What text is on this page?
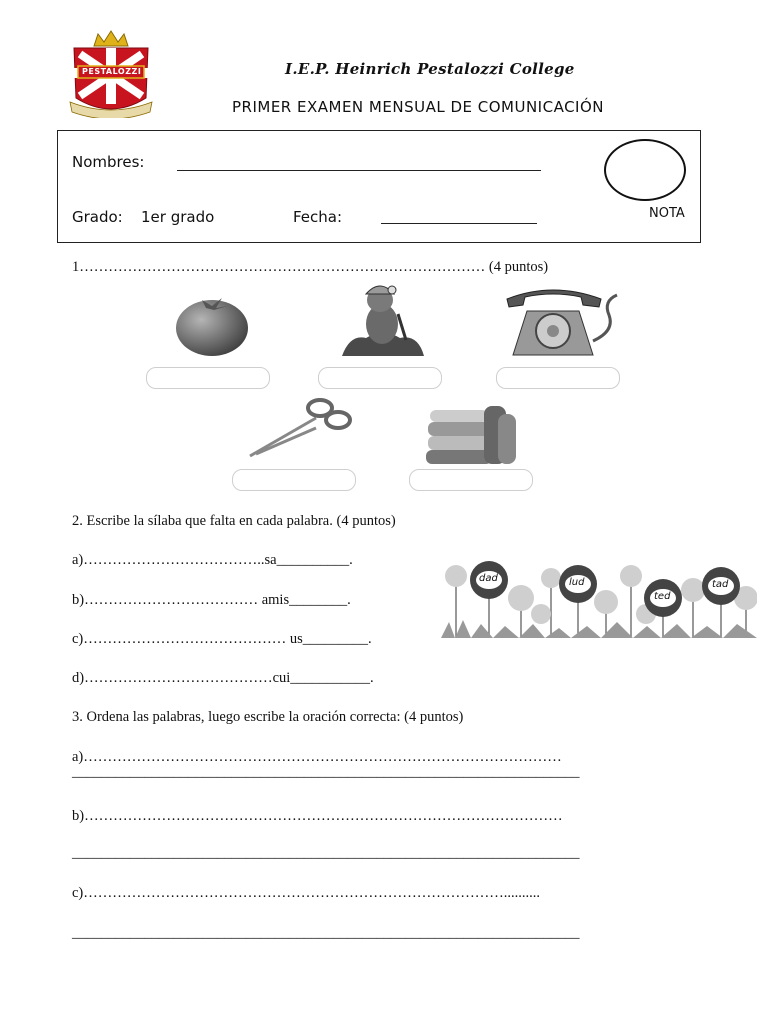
PESTALOZZI	I.E.P. Heinrich Pestalozzi College
PRIMER EXAMEN MENSUAL DE COMUNICACIÓN
Nombres:
Grado: 1er grado	Fecha:	NOTA
1………………………………………………………………………… (4 puntos)
2. Escribe la sílaba que falta en cada palabra. (4 puntos)
a)………………………………..sa__________.
b)……………………………… amis________.
c)…………………………………… us_________.
d)…………………………………cui___________.
dad	lud
ted
tad
3. Ordena las palabras, luego escribe la oración correcta: (4 puntos)
a)………………………………………………………………………………………
______________________________________________________________________
b)………………………………………………………………………………………
______________________________________________________________________
c)……………………………………………………………………………..........
______________________________________________________________________
